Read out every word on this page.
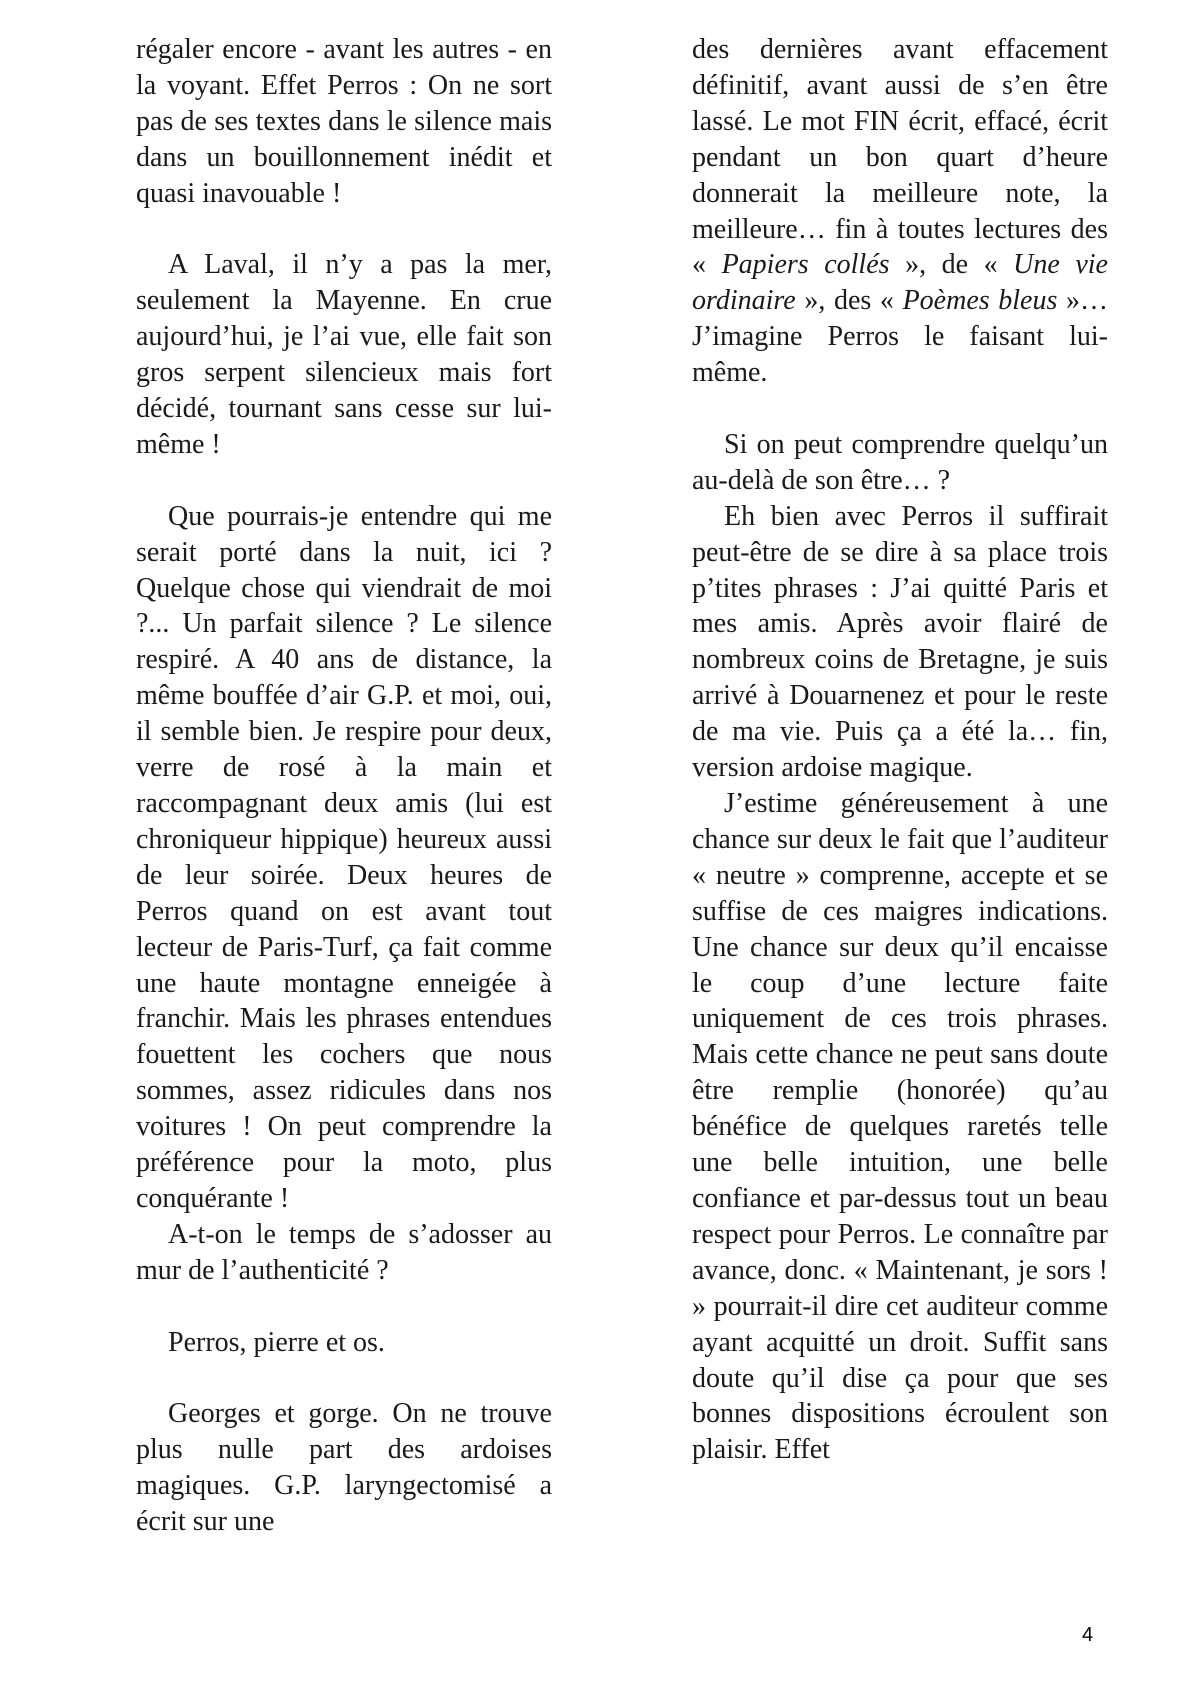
régaler encore - avant les autres - en la voyant. Effet Perros : On ne sort pas de ses textes dans le silence mais dans un bouillonnement inédit et quasi inavouable !

A Laval, il n’y a pas la mer, seulement la Mayenne. En crue aujourd’hui, je l’ai vue, elle fait son gros serpent silencieux mais fort décidé, tournant sans cesse sur lui-même !

Que pourrais-je entendre qui me serait porté dans la nuit, ici ? Quelque chose qui viendrait de moi ?... Un parfait silence ? Le silence respiré. A 40 ans de distance, la même bouffée d’air G.P. et moi, oui, il semble bien. Je respire pour deux, verre de rosé à la main et raccompagnant deux amis (lui est chroniqueur hippique) heureux aussi de leur soirée. Deux heures de Perros quand on est avant tout lecteur de Paris-Turf, ça fait comme une haute montagne enneigée à franchir. Mais les phrases entendues fouettent les cochers que nous sommes, assez ridicules dans nos voitures ! On peut comprendre la préférence pour la moto, plus conquérante !

A-t-on le temps de s’adosser au mur de l’authenticité ?

Perros, pierre et os.

Georges et gorge. On ne trouve plus nulle part des ardoises magiques. G.P. laryngectomisé a écrit sur une

des dernières avant effacement définitif, avant aussi de s’en être lassé. Le mot FIN écrit, effacé, écrit pendant un bon quart d’heure donnerait la meilleure note, la meilleure… fin à toutes lectures des « Papiers collés », de « Une vie ordinaire », des « Poèmes bleus »… J’imagine Perros le faisant lui-même.

Si on peut comprendre quelqu’un au-delà de son être… ?

Eh bien avec Perros il suffirait peut-être de se dire à sa place trois p’tites phrases : J’ai quitté Paris et mes amis. Après avoir flairé de nombreux coins de Bretagne, je suis arrivé à Douarnenez et pour le reste de ma vie. Puis ça a été la… fin, version ardoise magique.

J’estime généreusement à une chance sur deux le fait que l’auditeur « neutre » comprenne, accepte et se suffise de ces maigres indications. Une chance sur deux qu’il encaisse le coup d’une lecture faite uniquement de ces trois phrases. Mais cette chance ne peut sans doute être remplie (honorée) qu’au bénéfice de quelques raretés telle une belle intuition, une belle confiance et par-dessus tout un beau respect pour Perros. Le connaître par avance, donc. « Maintenant, je sors ! » pourrait-il dire cet auditeur comme ayant acquitté un droit. Suffit sans doute qu’il dise ça pour que ses bonnes dispositions écroulent son plaisir. Effet

4
